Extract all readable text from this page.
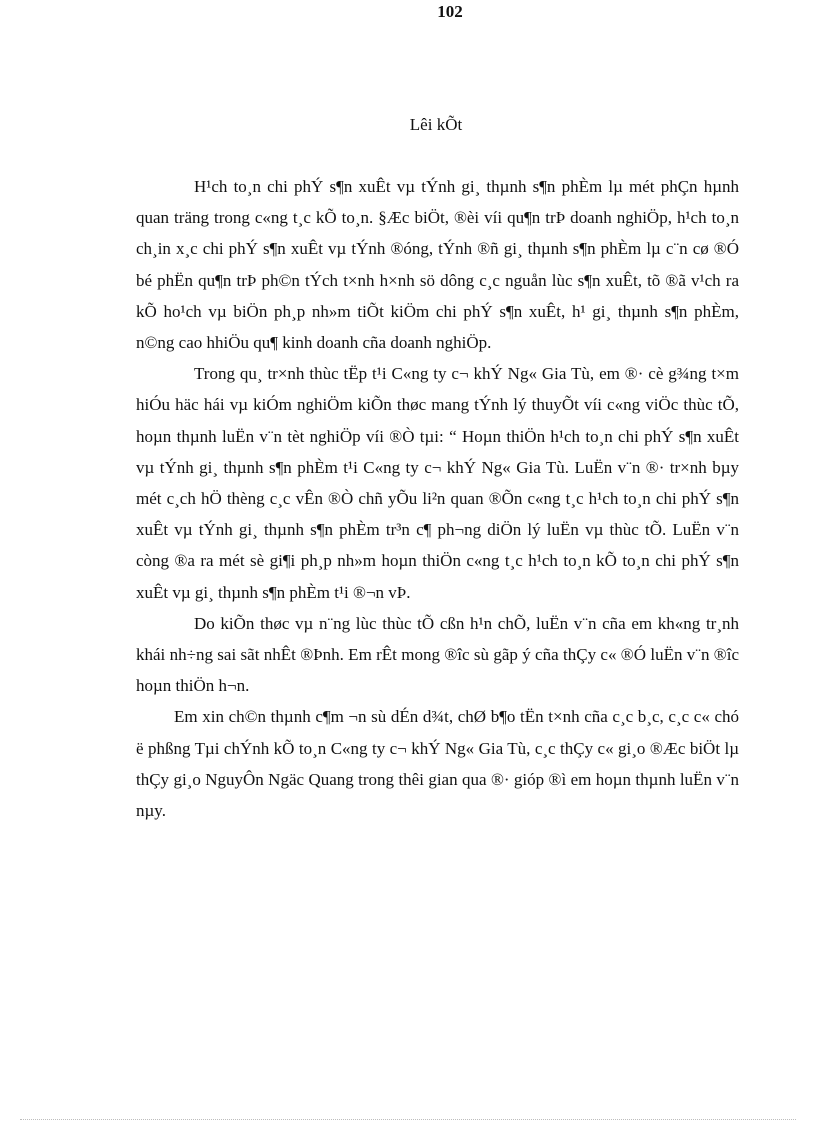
102
Lêi kÕt

H¹ch to¸n chi phÝ s¶n xuÊt vµ tÝnh gi¸ thµnh s¶n phÈm lµ mét phÇn hµnh quan träng trong c«ng t¸c kÕ to¸n. §Æc biÖt, ®èi víi qu¶n trÞ doanh nghiÖp, h¹ch to¸n ch¸in x¸c chi phÝ s¶n xuÊt vµ tÝnh ®óng, tÝnh ®ñ gi¸ thµnh s¶n phÈm lµ c¨n cø ®Ó bé phËn qu¶n trÞ ph©n tÝch t×nh h×nh sö dông c¸c nguån lùc s¶n xuÊt, tõ ®ã v¹ch ra kÕ ho¹ch vµ biÖn ph¸p nh»m tiÕt kiÖm chi phÝ s¶n xuÊt, h¹ gi¸ thµnh s¶n phÈm, n©ng cao hhiÖu qu¶ kinh doanh cña doanh nghiÖp.

Trong qu¸ tr×nh thùc tËp t¹i C«ng ty c¬ khÝ Ng« Gia Tù, em ®· cè g¾ng t×m hiÓu häc hái vµ kiÓm nghiÖm kiÕn thøc mang tÝnh lý thuyÕt víi c«ng viÖc thùc tÕ, hoµn thµnh luËn v¨n tèt nghiÖp víi ®Ò tµi: “ Hoµn thiÖn h¹ch to¸n chi phÝ s¶n xuÊt vµ tÝnh gi¸ thµnh s¶n phÈm t¹i C«ng ty c¬ khÝ Ng« Gia Tù. LuËn v¨n ®· tr×nh bµy mét c¸ch hÖ thèng c¸c vÊn ®Ò chñ yÕu li²n quan ®Õn c«ng t¸c h¹ch to¸n chi phÝ s¶n xuÊt vµ tÝnh gi¸ thµnh s¶n phÈm tr³n c¶ ph¬ng diÖn lý luËn vµ thùc tÕ. LuËn v¨n còng ®a ra mét sè gi¶i ph¸p nh»m hoµn thiÖn c«ng t¸c h¹ch to¸n kÕ to¸n chi phÝ s¶n xuÊt vµ gi¸ thµnh s¶n phÈm t¹i ®¬n vÞ.

Do kiÕn thøc vµ n¨ng lùc thùc tÕ cßn h¹n chÕ, luËn v¨n cña em kh«ng tr¸nh khái nh÷ng sai sãt nhÊt ®Þnh. Em rÊt mong ®îc sù gãp ý cña thÇy c« ®Ó luËn v¨n ®îc hoµn thiÖn h¬n.

Em xin ch©n thµnh c¶m ¬n sù dÉn d¾t, chØ b¶o tËn t×nh cña c¸c b¸c, c¸c c« chó ë phßng Tµi chÝnh kÕ to¸n C«ng ty c¬ khÝ Ng« Gia Tù, c¸c thÇy c« gi¸o ®Æc biÖt lµ thÇy gi¸o NguyÔn Ngäc Quang trong thêi gian qua ®· gióp ®ì em hoµn thµnh luËn v¨n nµy.
